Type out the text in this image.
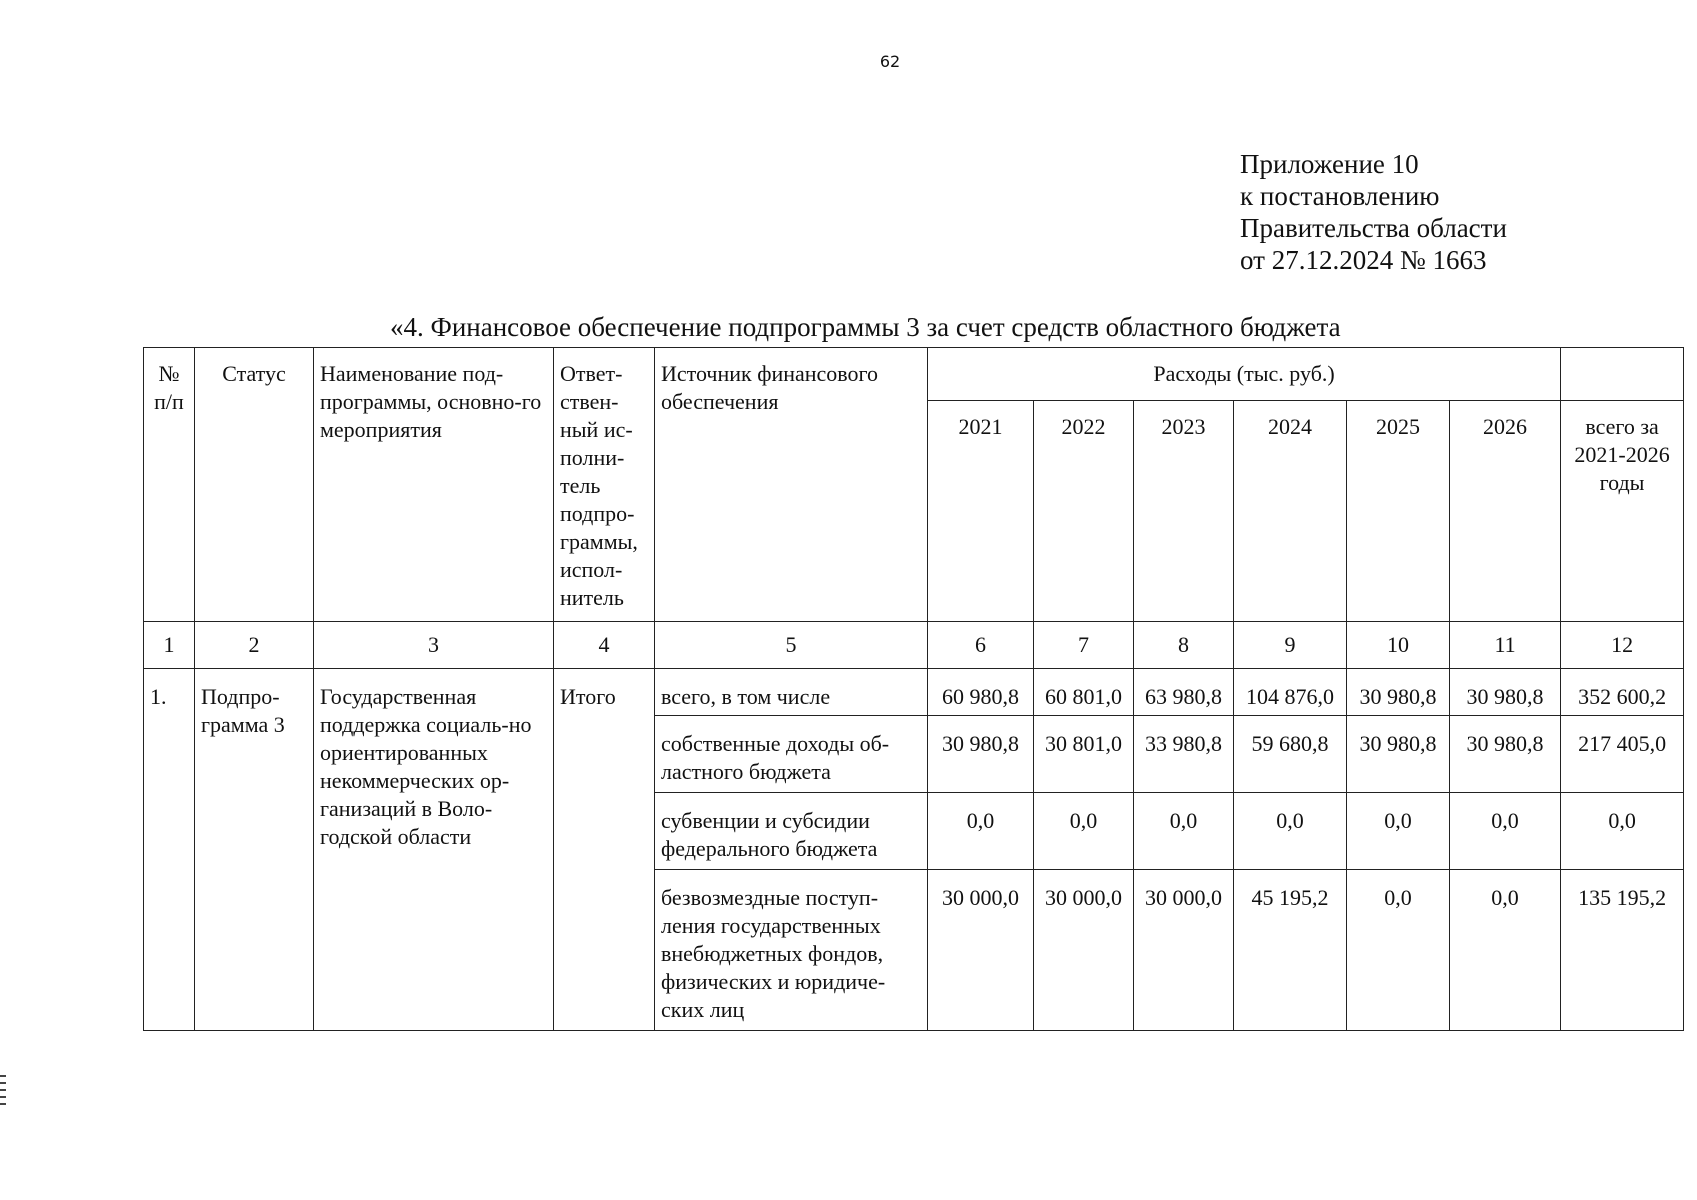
62
Приложение 10
к постановлению
Правительства области
от 27.12.2024 № 1663
«4. Финансовое обеспечение подпрограммы 3 за счет средств областного бюджета
№ п/п	Статус	Наименование под-программы, основно-го мероприятия	Ответ-ствен-ный ис-полни-тель подпро-граммы, испол-нитель	Источник финансового обеспечения	Расходы (тыс. руб.)						
					2021	2022	2023	2024	2025	2026	всего за 2021-2026 годы
1	2	3	4	5	6	7	8	9	10	11	12
1.	Подпро-грамма 3	Государственная поддержка социаль-но ориентированных некоммерческих ор-ганизаций в Воло-годской области	Итого	всего, в том числе	60 980,8	60 801,0	63 980,8	104 876,0	30 980,8	30 980,8	352 600,2
				собственные доходы об-ластного бюджета	30 980,8	30 801,0	33 980,8	59 680,8	30 980,8	30 980,8	217 405,0
				субвенции и субсидии федерального бюджета	0,0	0,0	0,0	0,0	0,0	0,0	0,0
				безвозмездные поступ-ления государственных внебюджетных фондов, физических и юридиче-ских лиц	30 000,0	30 000,0	30 000,0	45 195,2	0,0	0,0	135 195,2
